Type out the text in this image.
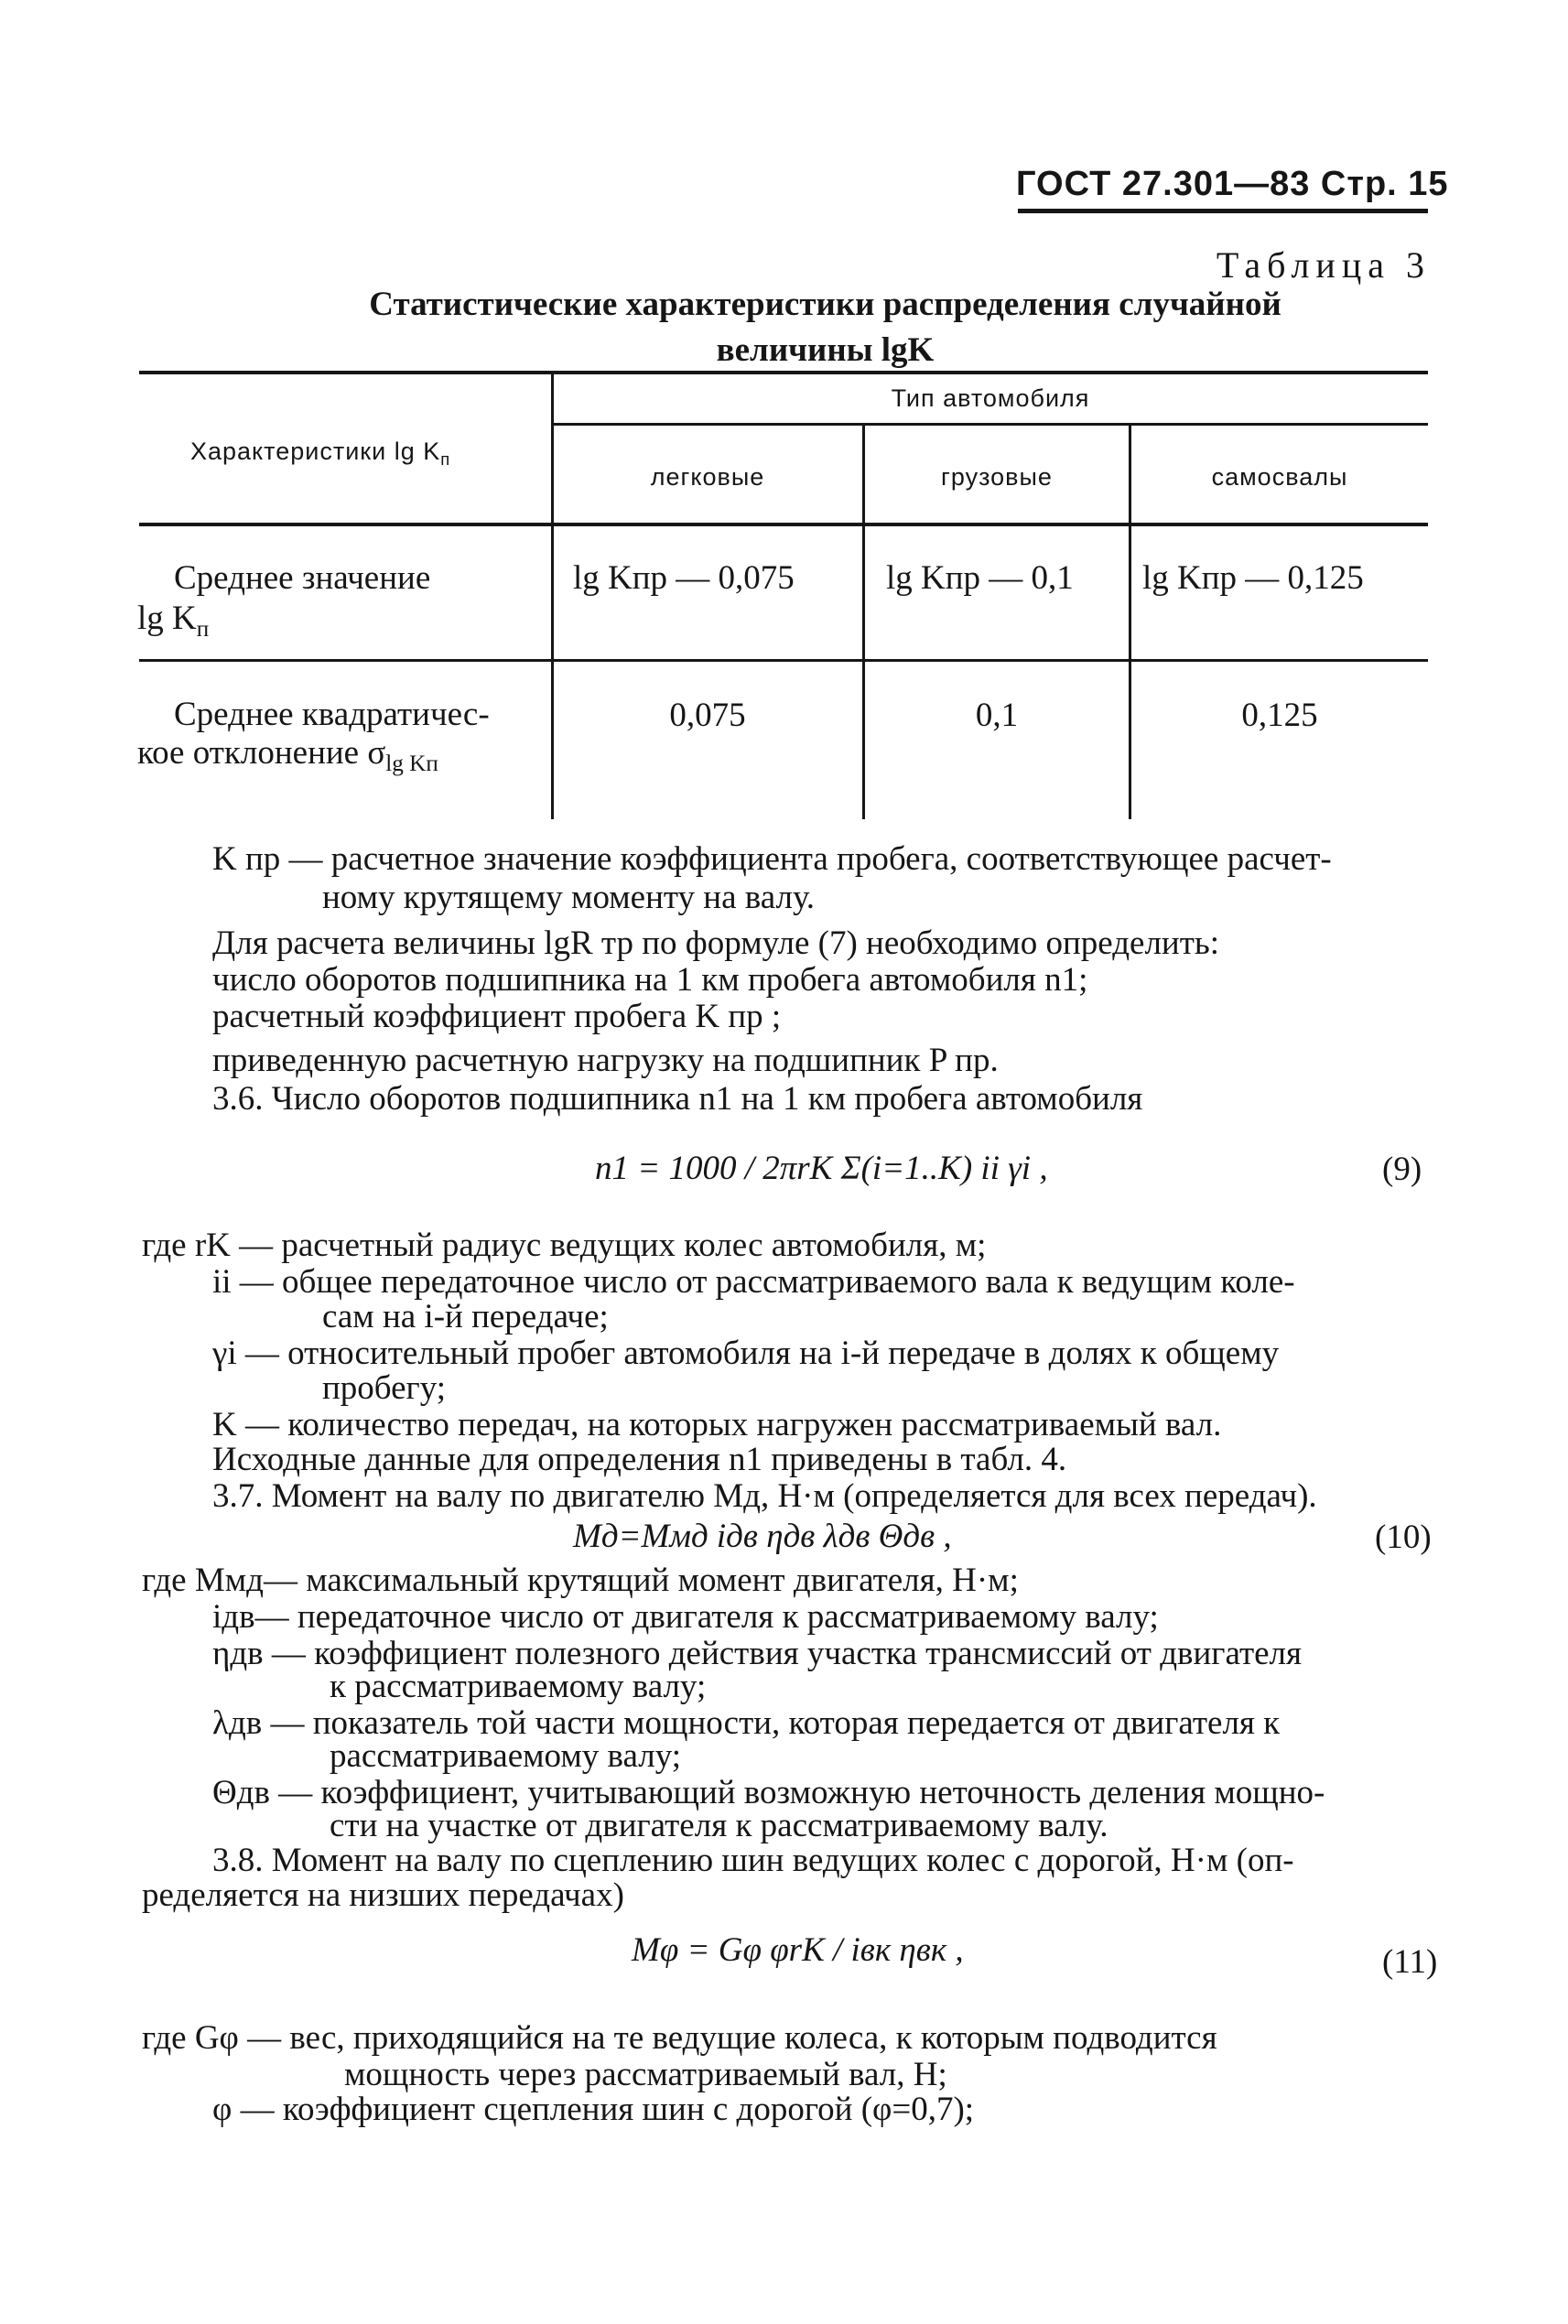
ГОСТ 27.301—83 Стр. 15
Таблица 3
Статистические характеристики распределения случайной
величины lgK
Характеристики $\lg K_п$
Тип автомобиля
легковые	грузовые	самосвалы
Среднее значение
$\lg K_п$
lg Kпр — 0,075	lg Kпр — 0,1 lg Kпр — 0,125
Среднее квадратичес-
кое отклонение $\sigma_{lg Kп}$
0,075	0,1	0,125
K пр — расчетное значение коэффициента пробега, соответствующее расчет-
ному крутящему моменту на валу.
Для расчета величины lgR тр по формуле (7) необходимо определить:
число оборотов подшипника на 1 км пробега автомобиля n1;
расчетный коэффициент пробега K пр ;
приведенную расчетную нагрузку на подшипник P пр.
3.6. Число оборотов подшипника n1 на 1 км пробега автомобиля
n1 = 1000 / 2πrK Σ(i=1..K) ii γi ,	(9)
где rK — расчетный радиус ведущих колес автомобиля, м;
ii — общее передаточное число от рассматриваемого вала к ведущим коле-
сам на i-й передаче;
γi — относительный пробег автомобиля на i-й передаче в долях к общему
пробегу;
K — количество передач, на которых нагружен рассматриваемый вал.
Исходные данные для определения n1 приведены в табл. 4.
3.7. Момент на валу по двигателю Mд, Н·м (определяется для всех передач).
Mд=Mмд iдв ηдв λдв Θдв ,	(10)
где Mмд— максимальный крутящий момент двигателя, Н·м;
iдв— передаточное число от двигателя к рассматриваемому валу;
ηдв — коэффициент полезного действия участка трансмиссий от двигателя
к рассматриваемому валу;
λдв — показатель той части мощности, которая передается от двигателя к
рассматриваемому валу;
Θдв — коэффициент, учитывающий возможную неточность деления мощно-
сти на участке от двигателя к рассматриваемому валу.
3.8. Момент на валу по сцеплению шин ведущих колес с дорогой, Н·м (оп-
ределяется на низших передачах)
Mφ = Gφ φrK / iвк ηвк ,	(11)
где Gφ — вес, приходящийся на те ведущие колеса, к которым подводится
мощность через рассматриваемый вал, Н;
φ — коэффициент сцепления шин с дорогой (φ=0,7);
